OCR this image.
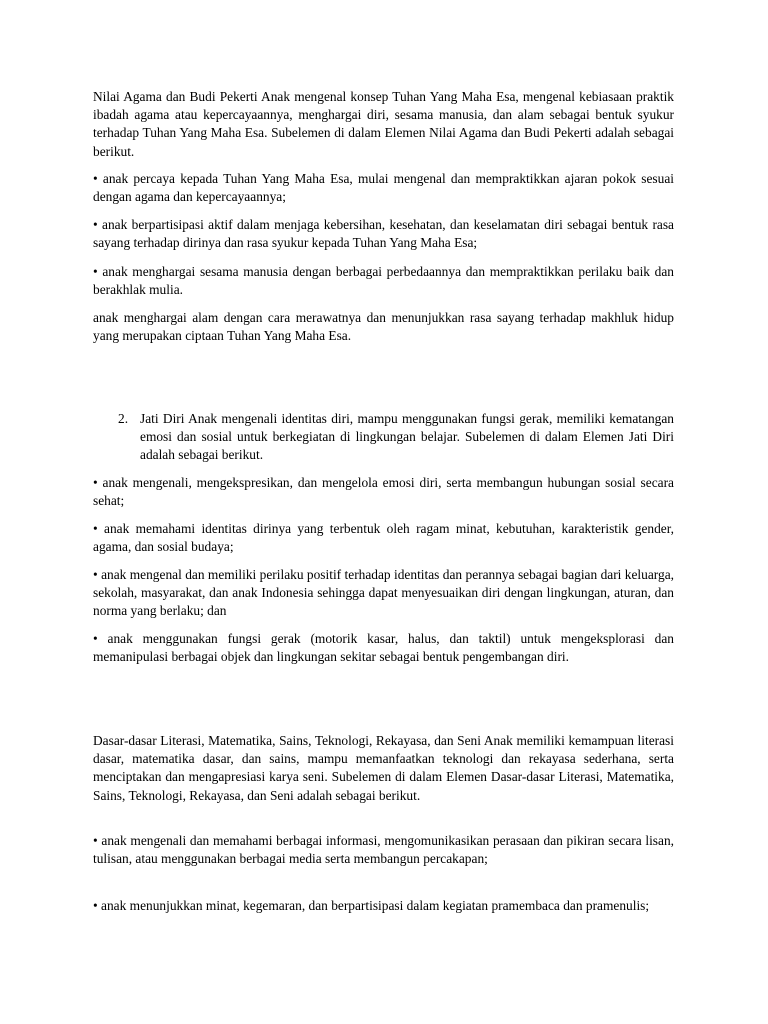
Nilai Agama dan Budi Pekerti Anak mengenal konsep Tuhan Yang Maha Esa, mengenal kebiasaan praktik ibadah agama atau kepercayaannya, menghargai diri, sesama manusia, dan alam sebagai bentuk syukur terhadap Tuhan Yang Maha Esa. Subelemen di dalam Elemen Nilai Agama dan Budi Pekerti adalah sebagai berikut.

• anak percaya kepada Tuhan Yang Maha Esa, mulai mengenal dan mempraktikkan ajaran pokok sesuai dengan agama dan kepercayaannya;

• anak berpartisipasi aktif dalam menjaga kebersihan, kesehatan, dan keselamatan diri sebagai bentuk rasa sayang terhadap dirinya dan rasa syukur kepada Tuhan Yang Maha Esa;

• anak menghargai sesama manusia dengan berbagai perbedaannya dan mempraktikkan perilaku baik dan berakhlak mulia.

anak menghargai alam dengan cara merawatnya dan menunjukkan rasa sayang terhadap makhluk hidup yang merupakan ciptaan Tuhan Yang Maha Esa.

2. Jati Diri Anak mengenali identitas diri, mampu menggunakan fungsi gerak, memiliki kematangan emosi dan sosial untuk berkegiatan di lingkungan belajar. Subelemen di dalam Elemen Jati Diri adalah sebagai berikut.

• anak mengenali, mengekspresikan, dan mengelola emosi diri, serta membangun hubungan sosial secara sehat;

• anak memahami identitas dirinya yang terbentuk oleh ragam minat, kebutuhan, karakteristik gender, agama, dan sosial budaya;

• anak mengenal dan memiliki perilaku positif terhadap identitas dan perannya sebagai bagian dari keluarga, sekolah, masyarakat, dan anak Indonesia sehingga dapat menyesuaikan diri dengan lingkungan, aturan, dan norma yang berlaku; dan

• anak menggunakan fungsi gerak (motorik kasar, halus, dan taktil) untuk mengeksplorasi dan memanipulasi berbagai objek dan lingkungan sekitar sebagai bentuk pengembangan diri.

Dasar-dasar Literasi, Matematika, Sains, Teknologi, Rekayasa, dan Seni Anak memiliki kemampuan literasi dasar, matematika dasar, dan sains, mampu memanfaatkan teknologi dan rekayasa sederhana, serta menciptakan dan mengapresiasi karya seni. Subelemen di dalam Elemen Dasar-dasar Literasi, Matematika, Sains, Teknologi, Rekayasa, dan Seni adalah sebagai berikut.

• anak mengenali dan memahami berbagai informasi, mengomunikasikan perasaan dan pikiran secara lisan, tulisan, atau menggunakan berbagai media serta membangun percakapan;

• anak menunjukkan minat, kegemaran, dan berpartisipasi dalam kegiatan pramembaca dan pramenulis;
